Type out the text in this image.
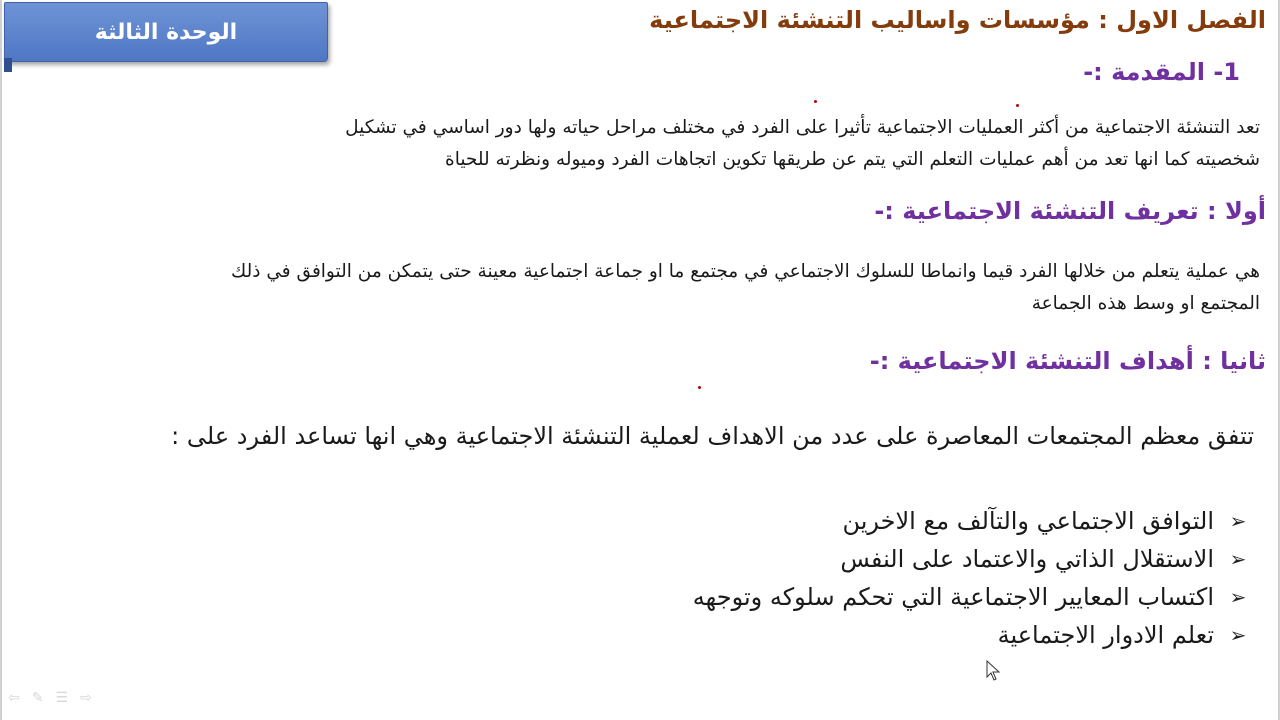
الوحدة الثالثة	الفصل الاول : مؤسسات واساليب التنشئة الاجتماعية
1- المقدمة :-
تعد التنشئة الاجتماعية من أكثر العمليات الاجتماعية تأثيرا على الفرد في مختلف مراحل حياته ولها دور اساسي في تشكيل
شخصيته كما انها تعد من أهم عمليات التعلم التي يتم عن طريقها تكوين اتجاهات الفرد وميوله ونظرته للحياة
أولا : تعريف التنشئة الاجتماعية :-
هي عملية يتعلم من خلالها الفرد قيما وانماطا للسلوك الاجتماعي في مجتمع ما او جماعة اجتماعية معينة حتى يتمكن من التوافق في ذلك
المجتمع او وسط هذه الجماعة
ثانيا : أهداف التنشئة الاجتماعية :-
تتفق معظم المجتمعات المعاصرة على عدد من الاهداف لعملية التنشئة الاجتماعية وهي انها تساعد الفرد على :
➢
التوافق الاجتماعي والتآلف مع الاخرين
➢
الاستقلال الذاتي والاعتماد على النفس
➢
اكتساب المعايير الاجتماعية التي تحكم سلوكه وتوجهه
➢
تعلم الادوار الاجتماعية
⇦ ✎ ☰ ⇨
